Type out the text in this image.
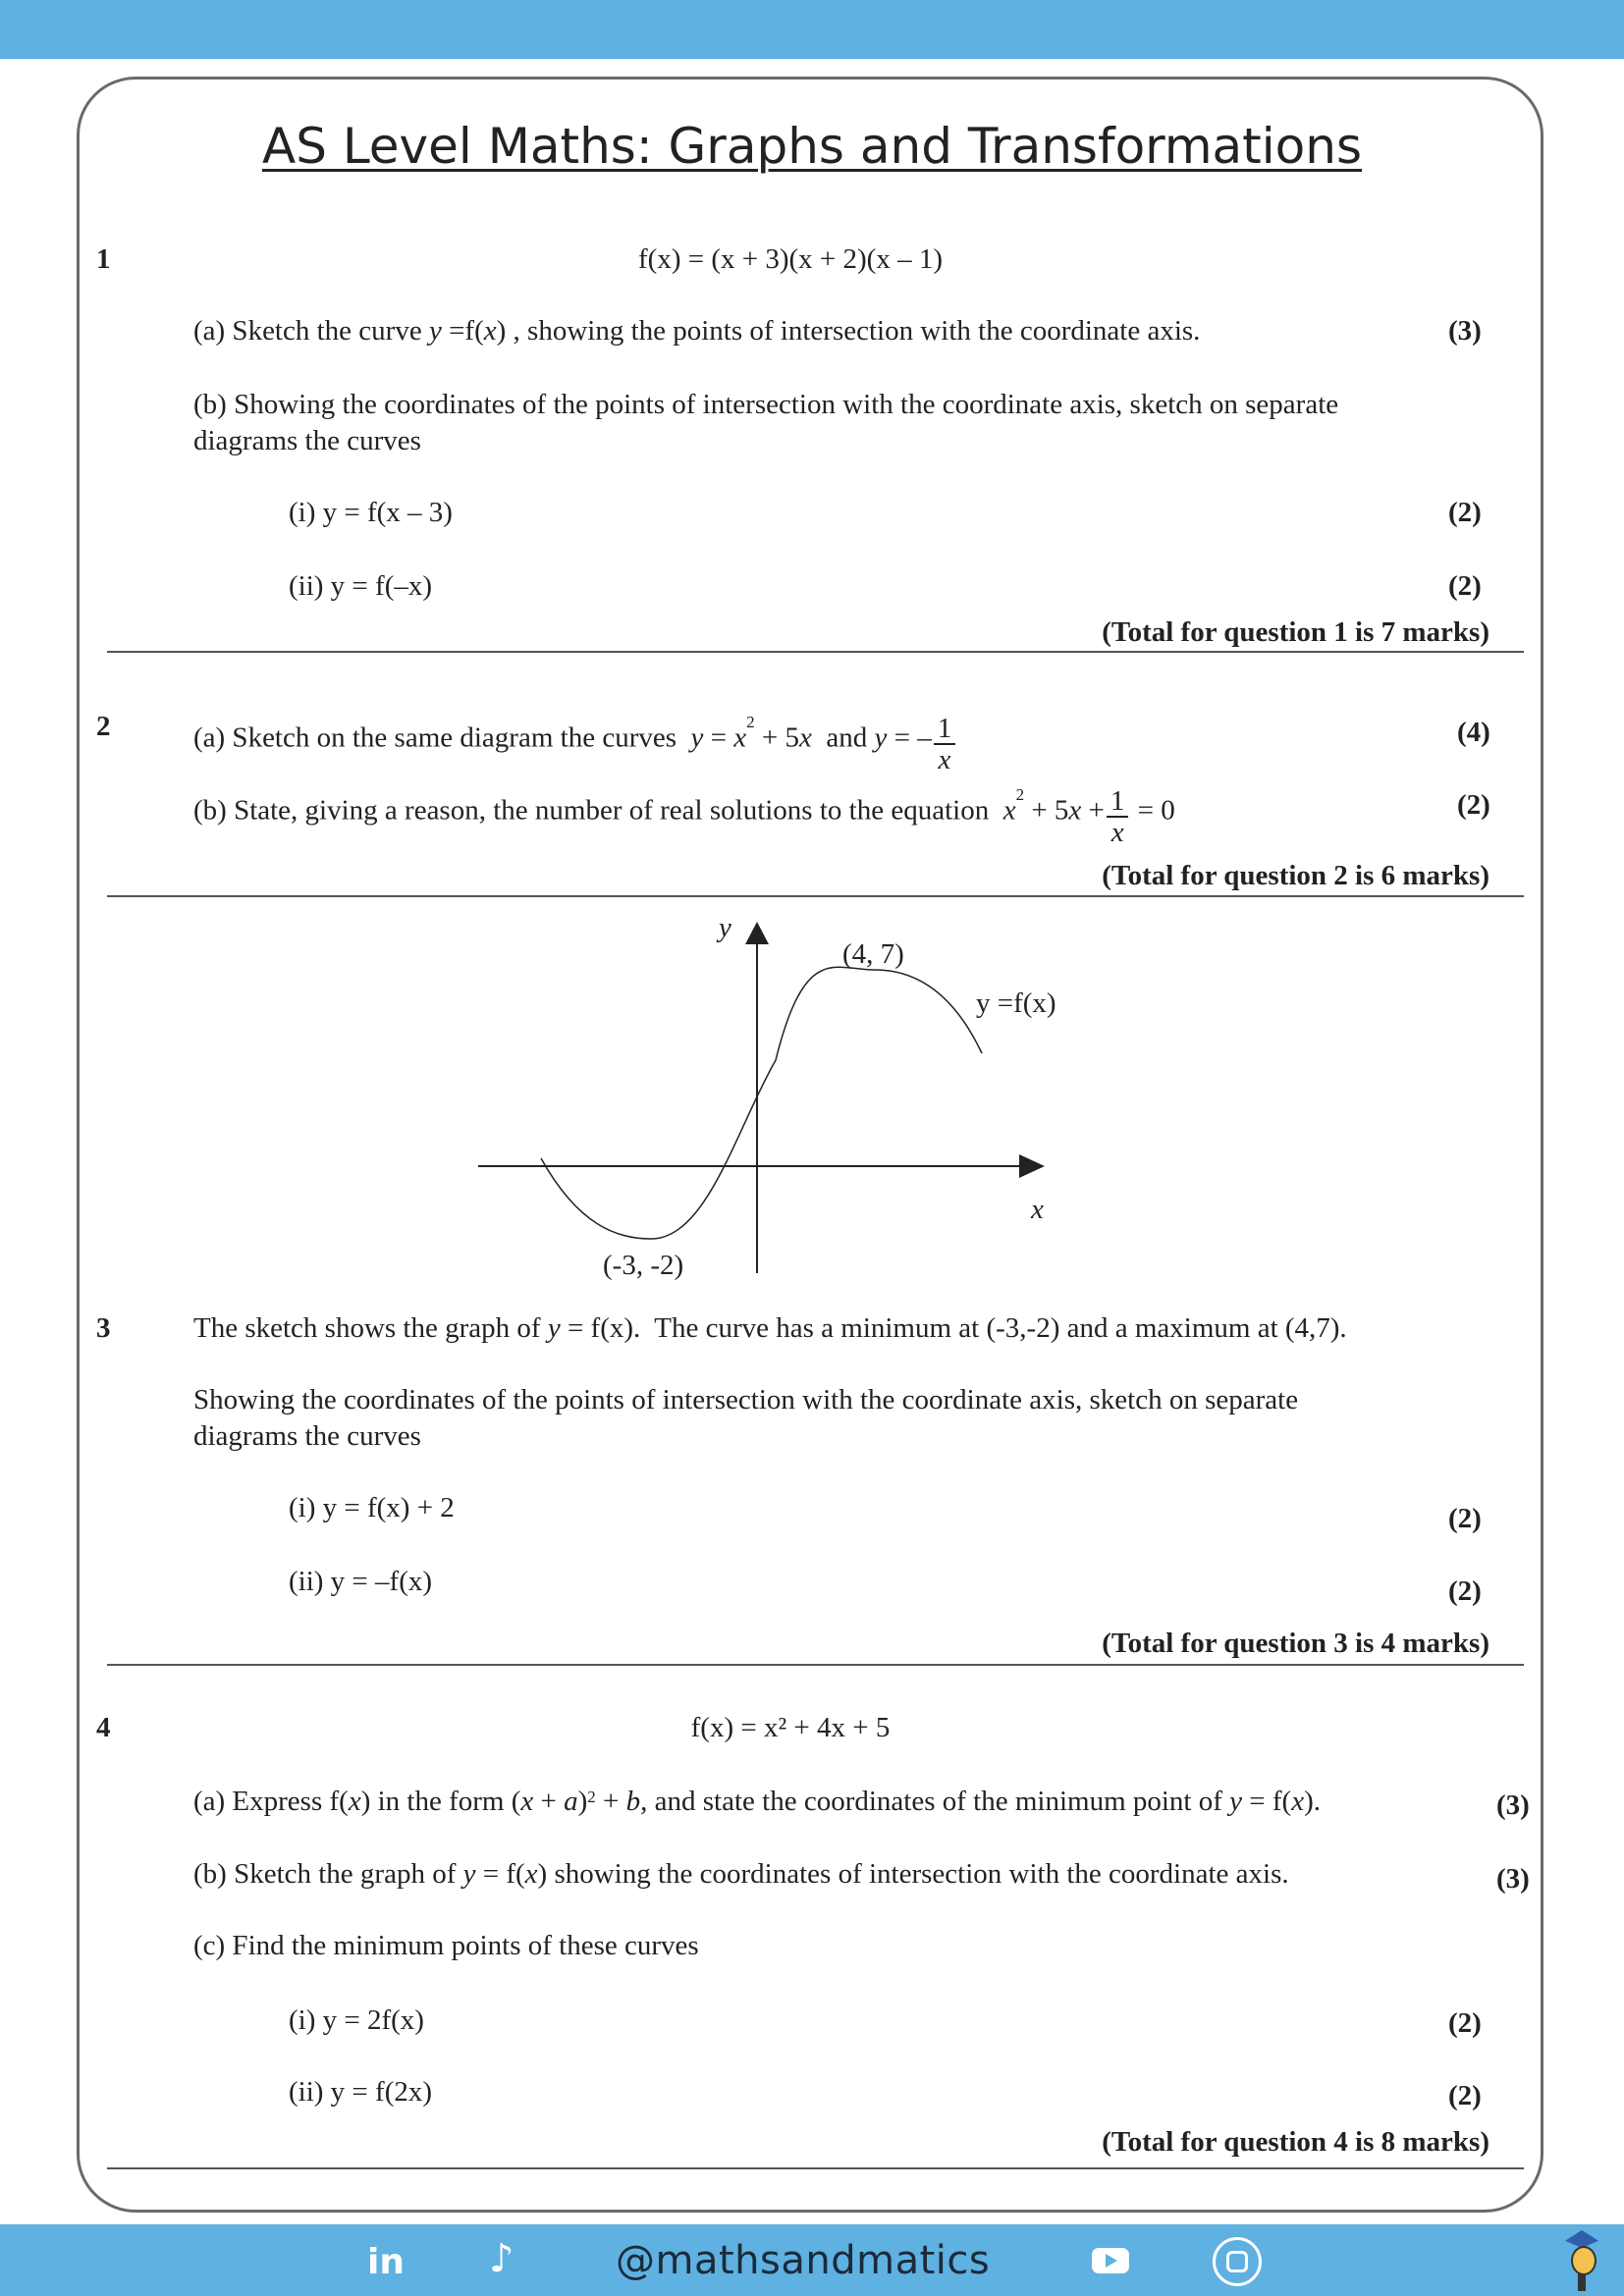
AS Level Maths: Graphs and Transformations
1	f(x) = (x + 3)(x + 2)(x – 1)
(a) Sketch the curve y =f(x) , showing the points of intersection with the coordinate axis.	(3)
(b) Showing the coordinates of the points of intersection with the coordinate axis, sketch on separate
diagrams the curves
(i) y = f(x – 3)	(2)
(ii) y = f(–x)	(2)
(Total for question 1 is 7 marks)
2	(a) Sketch on the same diagram the curves $y = x^2 + 5x$  and y = – $\frac{1}{x}$	(4)
(b) State, giving a reason, the number of real solutions to the equation $x^2 + 5x + \frac{1}{x} = 0$	(2)
(Total for question 2 is 6 marks)
y
x
(4, 7)
(-3, -2)
y =f(x)
3	The sketch shows the graph of y = f(x).  The curve has a minimum at (-3,-2) and a maximum at (4,7).
Showing the coordinates of the points of intersection with the coordinate axis, sketch on separate
diagrams the curves
(i) y = f(x) + 2	(2)
(ii) y = –f(x)	(2)
(Total for question 3 is 4 marks)
4	f(x) = x² + 4x + 5
(a) Express f(x) in the form $(x + a)^2 + b$, and state the coordinates of the minimum point of y = f(x).	(3)
(b) Sketch the graph of y = f(x) showing the coordinates of intersection with the coordinate axis.	(3)
(c) Find the minimum points of these curves
(i) y = 2f(x)	(2)
(ii) y = f(2x)	(2)
(Total for question 4 is 8 marks)
in ♪	@mathsandmatics
